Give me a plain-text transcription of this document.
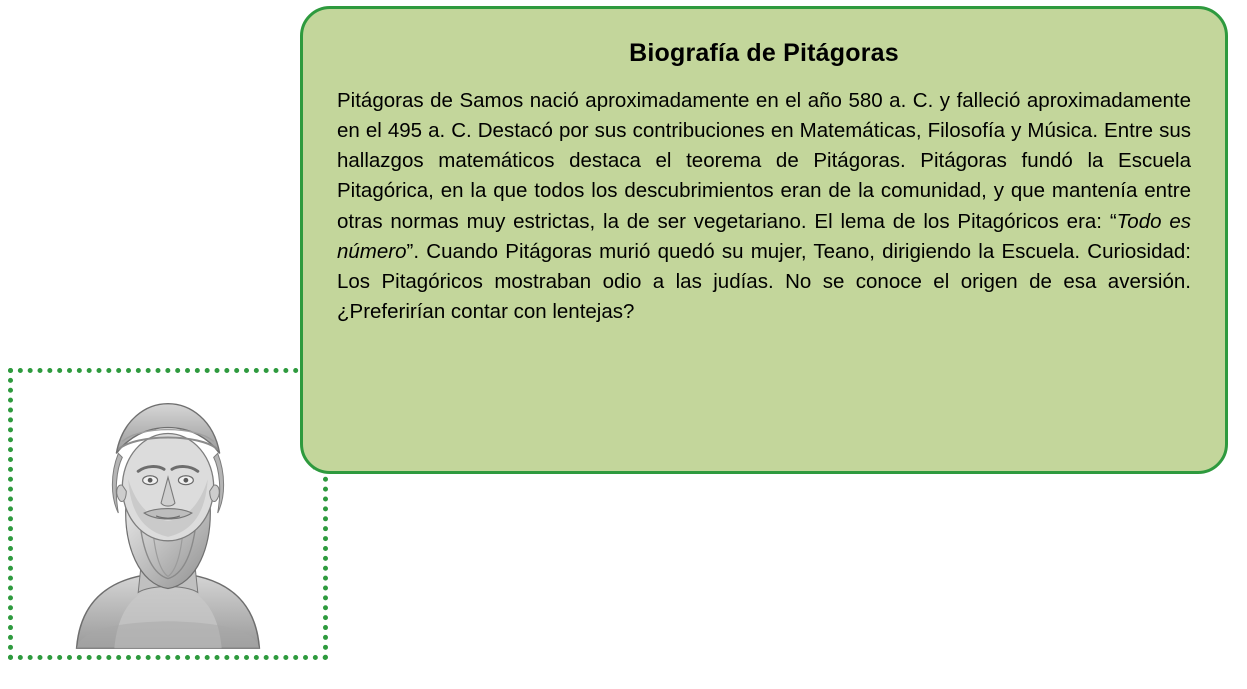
Biografía de Pitágoras
Pitágoras de Samos nació aproximadamente en el año 580 a. C. y falleció aproximadamente en el 495 a. C. Destacó por sus contribuciones en Matemáticas, Filosofía y Música. Entre sus hallazgos matemáticos destaca el teorema de Pitágoras. Pitágoras fundó la Escuela Pitagórica, en la que todos los descubrimientos eran de la comunidad, y que mantenía entre otras normas muy estrictas, la de ser vegetariano. El lema de los Pitagóricos era: “Todo es número”. Cuando Pitágoras murió quedó su mujer, Teano, dirigiendo la Escuela. Curiosidad: Los Pitagóricos mostraban odio a las judías. No se conoce el origen de esa aversión. ¿Preferirían contar con lentejas?
